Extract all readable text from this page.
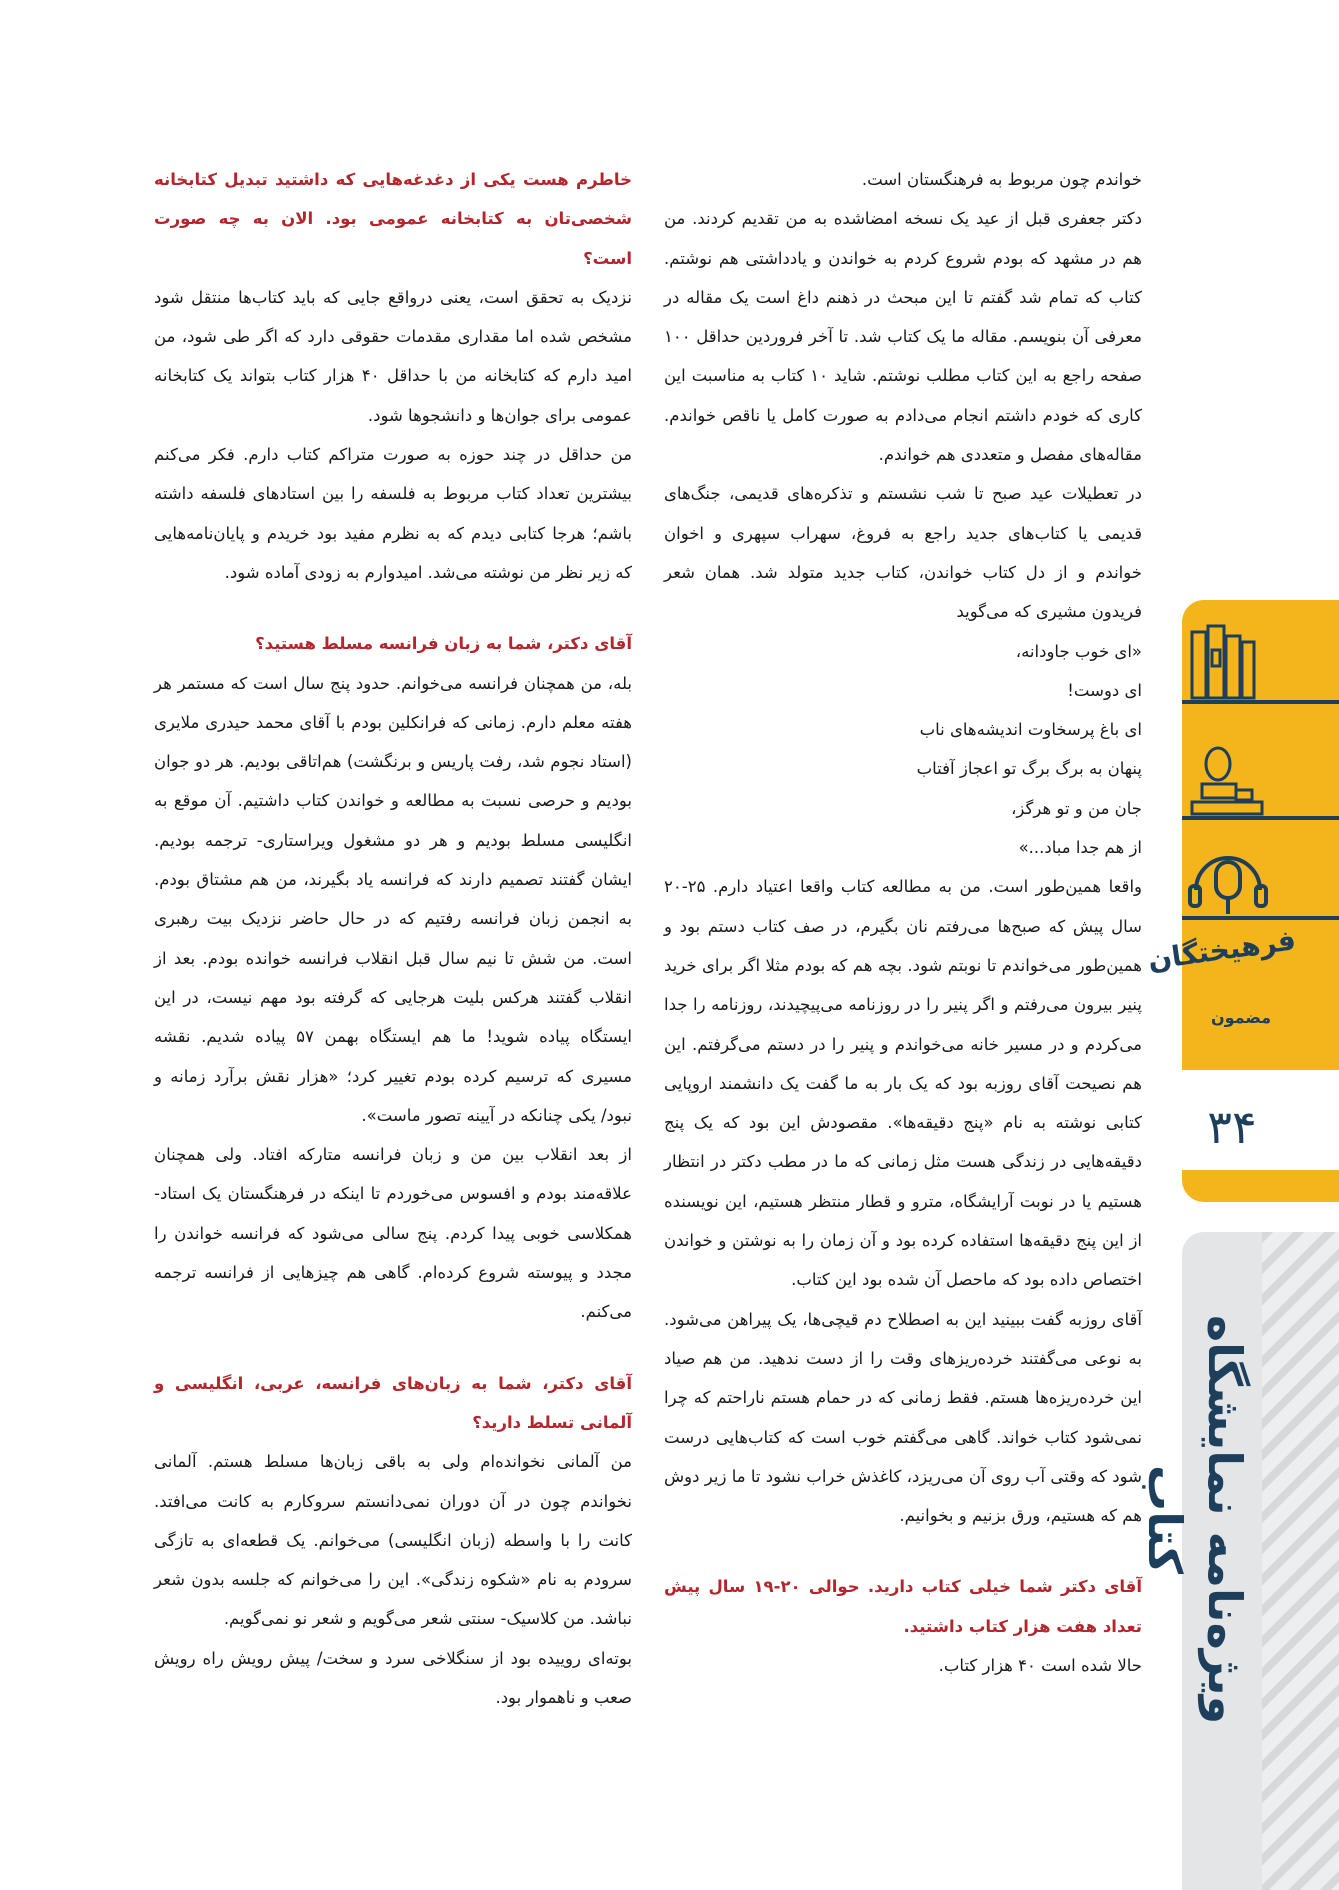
خواندم چون مربوط به فرهنگستان است.

دکتر جعفری قبل از عید یک نسخه امضاشده به من تقدیم کردند. من هم در مشهد که بودم شروع کردم به خواندن و یادداشتی هم نوشتم. کتاب که تمام شد گفتم تا این مبحث در ذهنم داغ است یک مقاله در معرفی آن بنویسم. مقاله ما یک کتاب شد. تا آخر فروردین حداقل ۱۰۰ صفحه راجع به این کتاب مطلب نوشتم. شاید ۱۰ کتاب به مناسبت این کاری که خودم داشتم انجام می‌دادم به صورت کامل یا ناقص خواندم. مقاله‌های مفصل و متعددی هم خواندم.

در تعطیلات عید صبح تا شب نشستم و تذکره‌های قدیمی، جنگ‌های قدیمی یا کتاب‌های جدید راجع به فروغ، سهراب سپهری و اخوان خواندم و از دل کتاب خواندن، کتاب جدید متولد شد. همان شعر فریدون مشیری که می‌گوید

«ای خوب جاودانه،

ای دوست!

ای باغ پرسخاوت اندیشه‌های ناب

پنهان به برگ برگ تو اعجاز آفتاب

جان من و تو هرگز،

از هم جدا مباد...»

واقعا همین‌طور است. من به مطالعه کتاب واقعا اعتیاد دارم. ۲۵-۲۰ سال پیش که صبح‌ها می‌رفتم نان بگیرم، در صف کتاب دستم بود و همین‌طور می‌خواندم تا نوبتم شود. بچه هم که بودم مثلا اگر برای خرید پنیر بیرون می‌رفتم و اگر پنیر را در روزنامه می‌پیچیدند، روزنامه را جدا می‌کردم و در مسیر خانه می‌خواندم و پنیر را در دستم می‌گرفتم. این هم نصیحت آقای روزبه بود که یک بار به ما گفت یک دانشمند اروپایی کتابی نوشته به نام «پنج دقیقه‌ها». مقصودش این بود که یک پنج دقیقه‌هایی در زندگی هست مثل زمانی که ما در مطب دکتر در انتظار هستیم یا در نوبت آرایشگاه، مترو و قطار منتظر هستیم، این نویسنده از این پنج دقیقه‌ها استفاده کرده بود و آن زمان را به نوشتن و خواندن اختصاص داده بود که ماحصل آن شده بود این کتاب.

آقای روزبه گفت ببینید این به اصطلاح دم قیچی‌ها، یک پیراهن می‌شود. به نوعی می‌گفتند خرده‌ریزهای وقت را از دست ندهید. من هم صیاد این خرده‌ریزه‌ها هستم. فقط زمانی که در حمام هستم ناراحتم که چرا نمی‌شود کتاب خواند. گاهی می‌گفتم خوب است که کتاب‌هایی درست شود که وقتی آب روی آن می‌ریزد، کاغذش خراب نشود تا ما زیر دوش هم که هستیم، ورق بزنیم و بخوانیم.

آقای دکتر شما خیلی کتاب دارید. حوالی ۲۰-۱۹ سال پیش تعداد هفت هزار کتاب داشتید.

حالا شده است ۴۰ هزار کتاب.

خاطرم هست یکی از دغدغه‌هایی که داشتید تبدیل کتابخانه شخصی‌تان به کتابخانه عمومی بود. الان به چه صورت است؟

نزدیک به تحقق است، یعنی درواقع جایی که باید کتاب‌ها منتقل شود مشخص شده اما مقداری مقدمات حقوقی دارد که اگر طی شود، من امید دارم که کتابخانه من با حداقل ۴۰ هزار کتاب بتواند یک کتابخانه عمومی برای جوان‌ها و دانشجوها شود.

من حداقل در چند حوزه به صورت متراکم کتاب دارم. فکر می‌کنم بیشترین تعداد کتاب مربوط به فلسفه را بین استادهای فلسفه داشته باشم؛ هرجا کتابی دیدم که به نظرم مفید بود خریدم و پایان‌نامه‌هایی که زیر نظر من نوشته می‌شد. امیدوارم به زودی آماده شود.

آقای دکتر، شما به زبان فرانسه مسلط هستید؟

بله، من همچنان فرانسه می‌خوانم. حدود پنج سال است که مستمر هر هفته معلم دارم. زمانی که فرانکلین بودم با آقای محمد حیدری ملایری (استاد نجوم شد، رفت پاریس و برنگشت) هم‌اتاقی بودیم. هر دو جوان بودیم و حرصی نسبت به مطالعه و خواندن کتاب داشتیم. آن موقع به انگلیسی مسلط بودیم و هر دو مشغول ویراستاری- ترجمه بودیم. ایشان گفتند تصمیم دارند که فرانسه یاد بگیرند، من هم مشتاق بودم. به انجمن زبان فرانسه رفتیم که در حال حاضر نزدیک بیت رهبری است. من شش تا نیم سال قبل انقلاب فرانسه خوانده بودم. بعد از انقلاب گفتند هرکس بلیت هرجایی که گرفته بود مهم نیست، در این ایستگاه پیاده شوید! ما هم ایستگاه بهمن ۵۷ پیاده شدیم. نقشه مسیری که ترسیم کرده بودم تغییر کرد؛ «هزار نقش برآرد زمانه و نبود/ یکی چنانکه در آیینه تصور ماست».

از بعد انقلاب بین من و زبان فرانسه متارکه افتاد. ولی همچنان علاقه‌مند بودم و افسوس می‌خوردم تا اینکه در فرهنگستان یک استاد- همکلاسی خوبی پیدا کردم. پنج سالی می‌شود که فرانسه خواندن را مجدد و پیوسته شروع کرده‌ام. گاهی هم چیزهایی از فرانسه ترجمه می‌کنم.

آقای دکتر، شما به زبان‌های فرانسه، عربی، انگلیسی و آلمانی تسلط دارید؟

من آلمانی نخوانده‌ام ولی به باقی زبان‌ها مسلط هستم. آلمانی نخواندم چون در آن دوران نمی‌دانستم سروکارم به کانت می‌افتد. کانت را با واسطه (زبان انگلیسی) می‌خوانم. یک قطعه‌ای به تازگی سرودم به نام «شکوه زندگی». این را می‌خوانم که جلسه بدون شعر نباشد. من کلاسیک- سنتی شعر می‌گویم و شعر نو نمی‌گویم.

بوته‌ای روییده بود از سنگلاخی سرد و سخت/ پیش رویش راه رویش صعب و ناهموار بود.

فرهیختگان
مضمون
۳۴
ویژه‌نامه نمایشگاه کتاب
